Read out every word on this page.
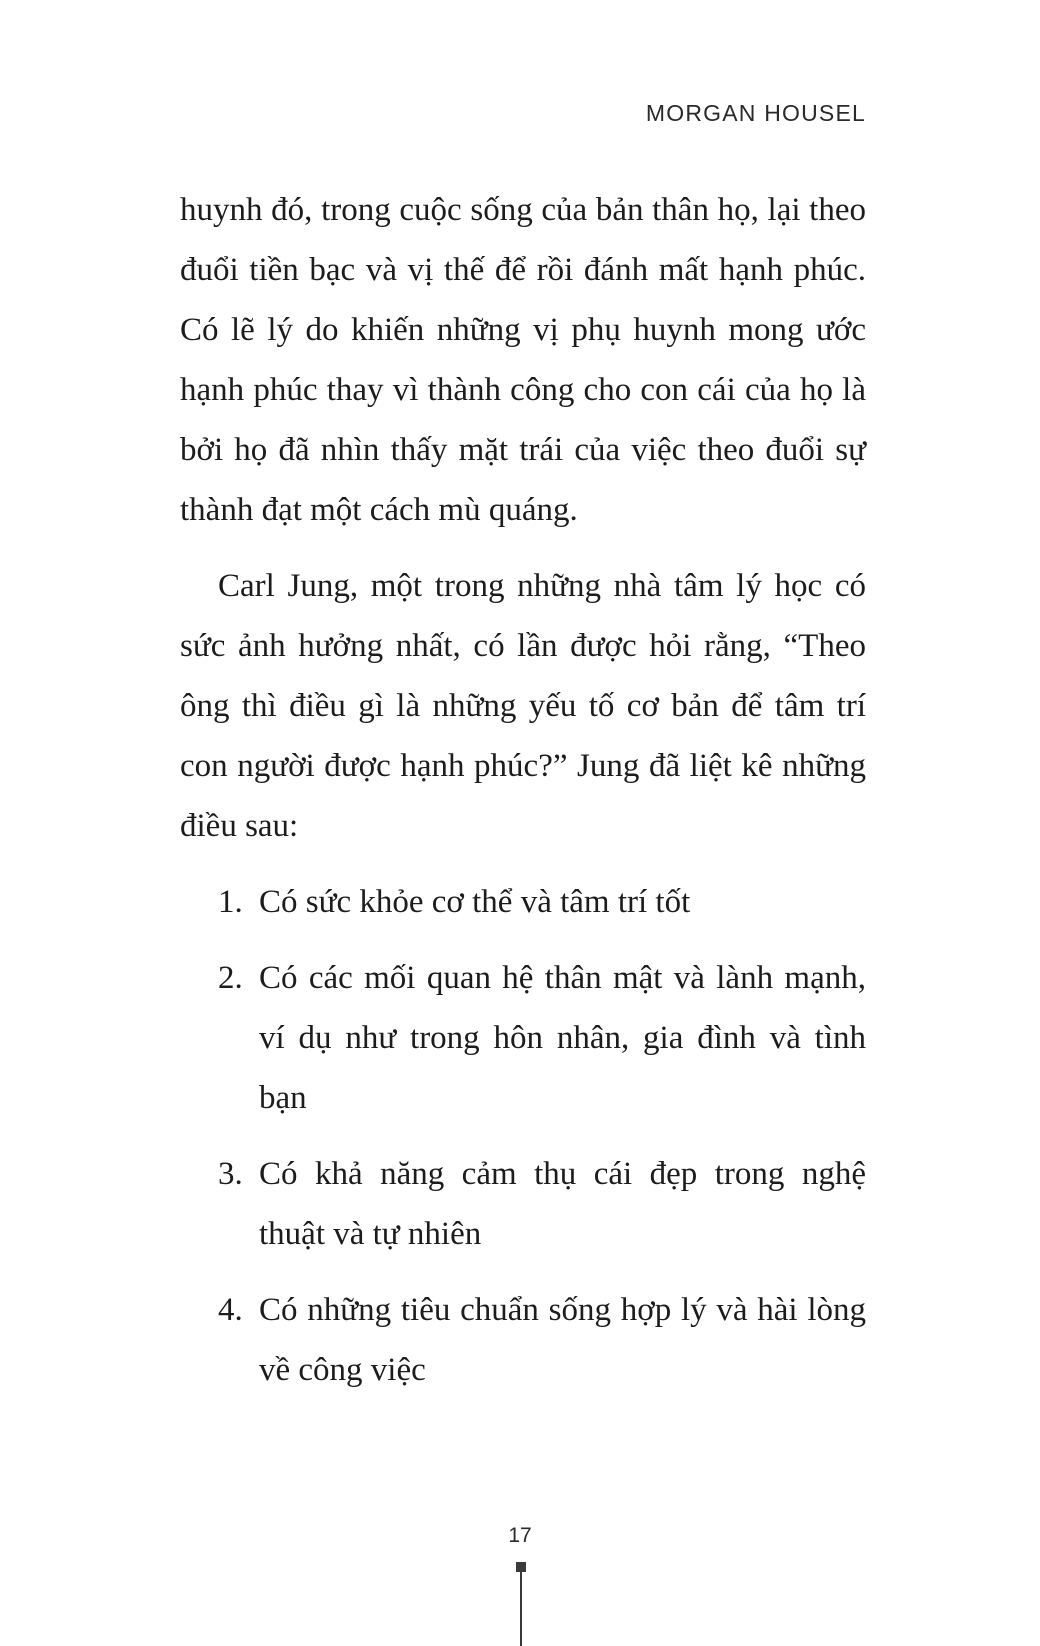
MORGAN HOUSEL

huynh đó, trong cuộc sống của bản thân họ, lại theo đuổi tiền bạc và vị thế để rồi đánh mất hạnh phúc. Có lẽ lý do khiến những vị phụ huynh mong ước hạnh phúc thay vì thành công cho con cái của họ là bởi họ đã nhìn thấy mặt trái của việc theo đuổi sự thành đạt một cách mù quáng.

Carl Jung, một trong những nhà tâm lý học có sức ảnh hưởng nhất, có lần được hỏi rằng, “Theo ông thì điều gì là những yếu tố cơ bản để tâm trí con người được hạnh phúc?” Jung đã liệt kê những điều sau:

1. Có sức khỏe cơ thể và tâm trí tốt
2. Có các mối quan hệ thân mật và lành mạnh, ví dụ như trong hôn nhân, gia đình và tình bạn
3. Có khả năng cảm thụ cái đẹp trong nghệ thuật và tự nhiên
4. Có những tiêu chuẩn sống hợp lý và hài lòng về công việc
17
